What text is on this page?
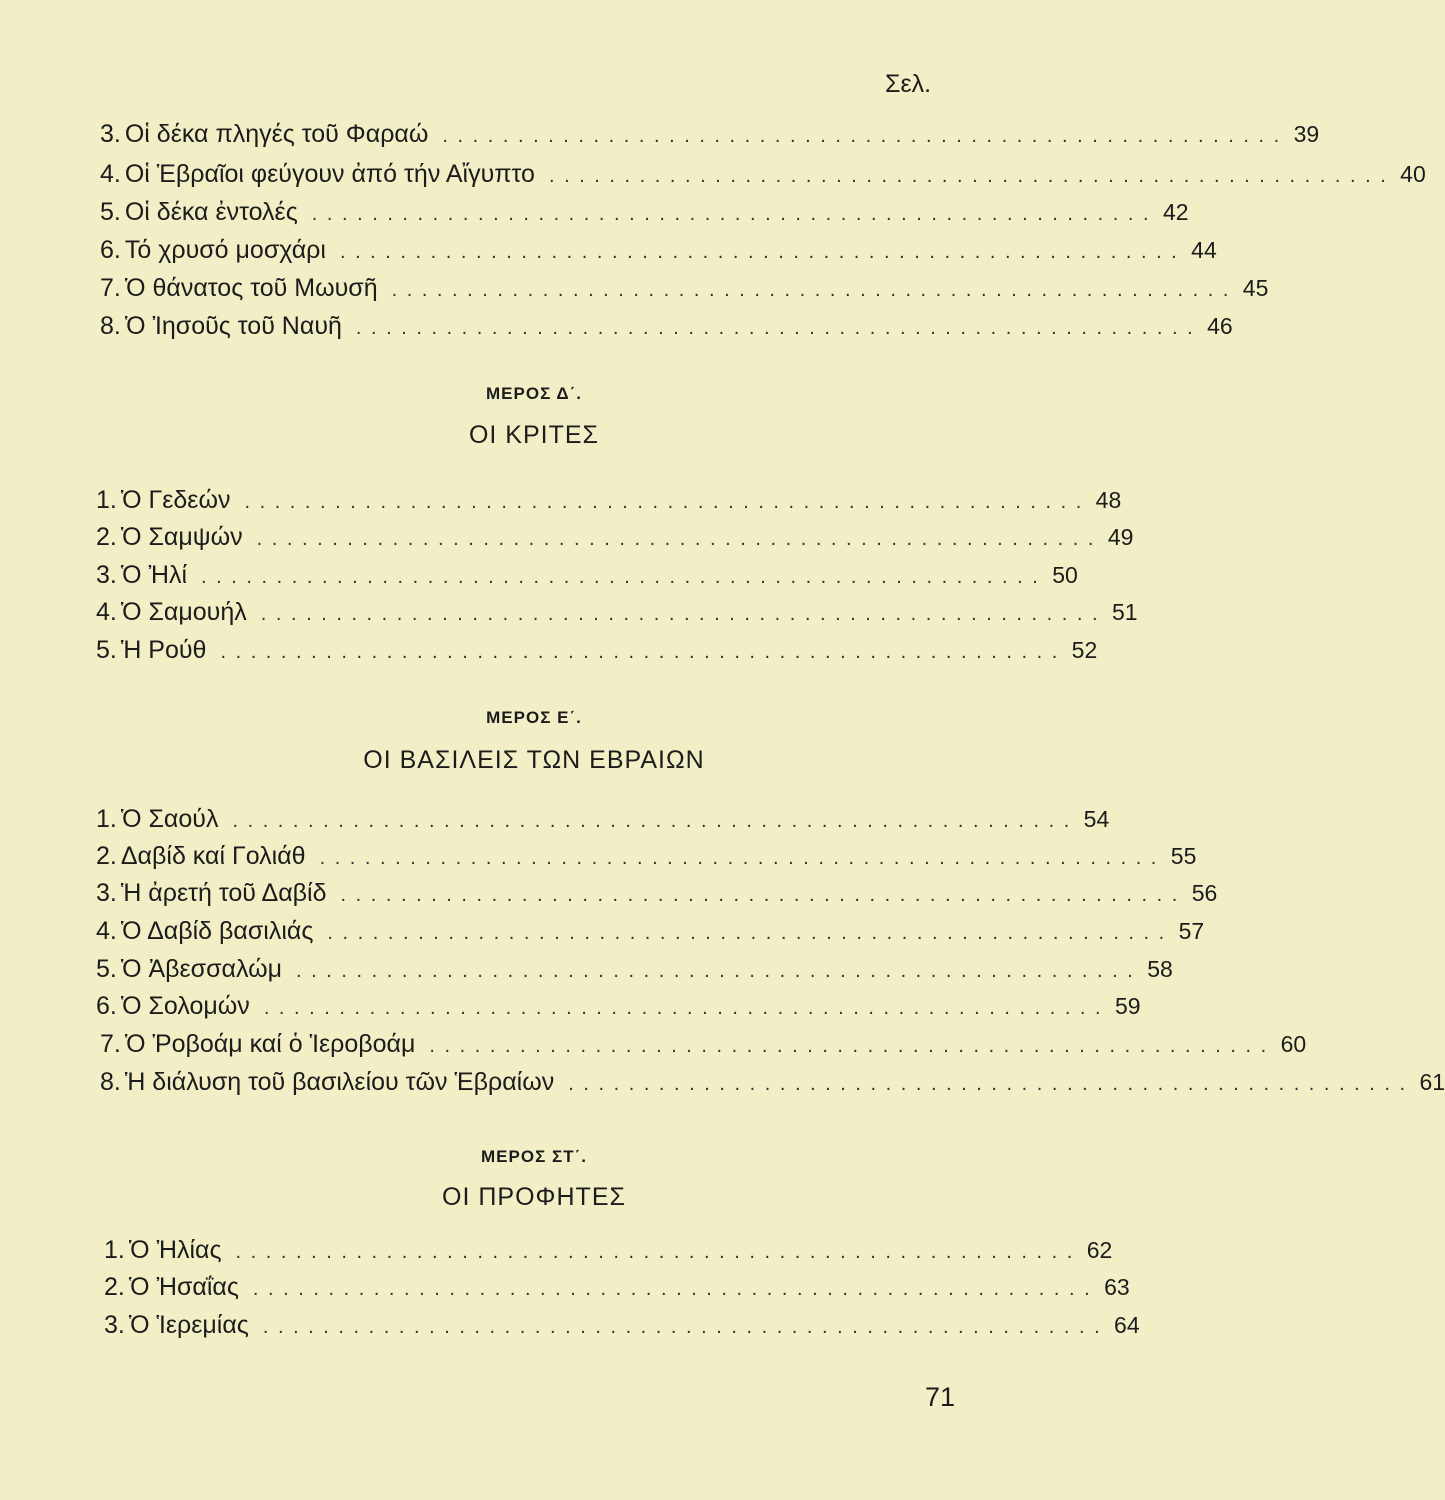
Σελ.
3. Οἱ δέκα πληγές τοῦ Φαραώ . . . . . . . . . . . . . . . . . . . . . . . . . . . . . . . . . . . . . . . . . . . . . . . . . . . . . . . . 39
4. Οἱ Ἑβραῖοι φεύγουν ἀπό τήν Αἴγυπτο . . . . . . . . . . . . . . . . . . . . . . . . . . . . . . . . . . . . . . . . . . . . . . . . . . . . . . . . 40
5. Οἱ δέκα ἐντολές . . . . . . . . . . . . . . . . . . . . . . . . . . . . . . . . . . . . . . . . . . . . . . . . . . . . . . . . 42
6. Τό χρυσό μοσχάρι . . . . . . . . . . . . . . . . . . . . . . . . . . . . . . . . . . . . . . . . . . . . . . . . . . . . . . . . 44
7. Ὁ θάνατος τοῦ Μωυσῆ . . . . . . . . . . . . . . . . . . . . . . . . . . . . . . . . . . . . . . . . . . . . . . . . . . . . . . . . 45
8. Ὁ Ἰησοῦς τοῦ Ναυῆ . . . . . . . . . . . . . . . . . . . . . . . . . . . . . . . . . . . . . . . . . . . . . . . . . . . . . . . . 46
ΜΕΡΟΣ Δ΄.
ΟΙ ΚΡΙΤΕΣ
1. Ὁ Γεδεών . . . . . . . . . . . . . . . . . . . . . . . . . . . . . . . . . . . . . . . . . . . . . . . . . . . . . . . . 48
2. Ὁ Σαμψών . . . . . . . . . . . . . . . . . . . . . . . . . . . . . . . . . . . . . . . . . . . . . . . . . . . . . . . . 49
3. Ὁ Ἠλί . . . . . . . . . . . . . . . . . . . . . . . . . . . . . . . . . . . . . . . . . . . . . . . . . . . . . . . . 50
4. Ὁ Σαμουήλ . . . . . . . . . . . . . . . . . . . . . . . . . . . . . . . . . . . . . . . . . . . . . . . . . . . . . . . . 51
5. Ἡ Ρούθ . . . . . . . . . . . . . . . . . . . . . . . . . . . . . . . . . . . . . . . . . . . . . . . . . . . . . . . . 52
ΜΕΡΟΣ Ε΄.
ΟΙ ΒΑΣΙΛΕΙΣ ΤΩΝ ΕΒΡΑΙΩΝ
1. Ὁ Σαούλ . . . . . . . . . . . . . . . . . . . . . . . . . . . . . . . . . . . . . . . . . . . . . . . . . . . . . . . . 54
2. Δαβίδ καί Γολιάθ . . . . . . . . . . . . . . . . . . . . . . . . . . . . . . . . . . . . . . . . . . . . . . . . . . . . . . . . 55
3. Ἡ ἀρετή τοῦ Δαβίδ . . . . . . . . . . . . . . . . . . . . . . . . . . . . . . . . . . . . . . . . . . . . . . . . . . . . . . . . 56
4. Ὁ Δαβίδ βασιλιάς . . . . . . . . . . . . . . . . . . . . . . . . . . . . . . . . . . . . . . . . . . . . . . . . . . . . . . . . 57
5. Ὁ Ἀβεσσαλώμ . . . . . . . . . . . . . . . . . . . . . . . . . . . . . . . . . . . . . . . . . . . . . . . . . . . . . . . . 58
6. Ὁ Σολομών . . . . . . . . . . . . . . . . . . . . . . . . . . . . . . . . . . . . . . . . . . . . . . . . . . . . . . . . 59
7. Ὁ Ῥοβοάμ καί ὁ Ἱεροβοάμ . . . . . . . . . . . . . . . . . . . . . . . . . . . . . . . . . . . . . . . . . . . . . . . . . . . . . . . . 60
8. Ἡ διάλυση τοῦ βασιλείου τῶν Ἑβραίων . . . . . . . . . . . . . . . . . . . . . . . . . . . . . . . . . . . . . . . . . . . . . . . . . . . . . . . . 61
ΜΕΡΟΣ ΣΤ΄.
ΟΙ ΠΡΟΦΗΤΕΣ
1. Ὁ Ἠλίας . . . . . . . . . . . . . . . . . . . . . . . . . . . . . . . . . . . . . . . . . . . . . . . . . . . . . . . . 62
2. Ὁ Ἠσαΐας . . . . . . . . . . . . . . . . . . . . . . . . . . . . . . . . . . . . . . . . . . . . . . . . . . . . . . . . 63
3. Ὁ Ἱερεμίας . . . . . . . . . . . . . . . . . . . . . . . . . . . . . . . . . . . . . . . . . . . . . . . . . . . . . . . . 64
71
